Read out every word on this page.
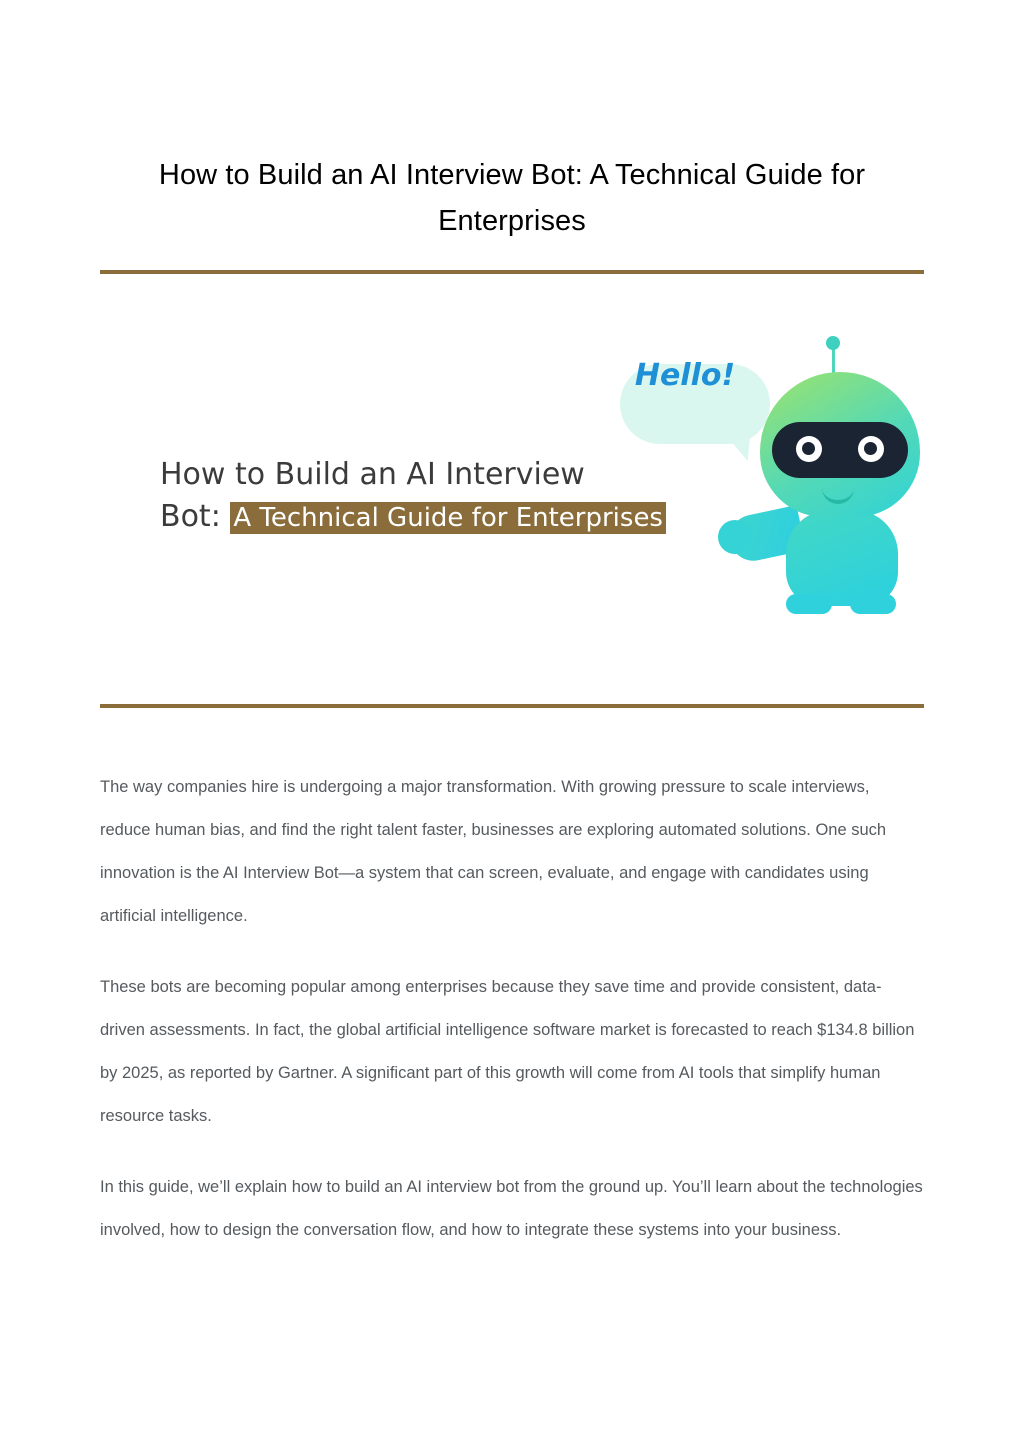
How to Build an AI Interview Bot: A Technical Guide for Enterprises
How to Build an AI Interview
Bot: A Technical Guide for Enterprises
Hello!

The way companies hire is undergoing a major transformation. With growing pressure to scale interviews, reduce human bias, and find the right talent faster, businesses are exploring automated solutions. One such innovation is the AI Interview Bot—a system that can screen, evaluate, and engage with candidates using artificial intelligence.

These bots are becoming popular among enterprises because they save time and provide consistent, data-driven assessments. In fact, the global artificial intelligence software market is forecasted to reach $134.8 billion by 2025, as reported by Gartner. A significant part of this growth will come from AI tools that simplify human resource tasks.

In this guide, we’ll explain how to build an AI interview bot from the ground up. You’ll learn about the technologies involved, how to design the conversation flow, and how to integrate these systems into your business.
